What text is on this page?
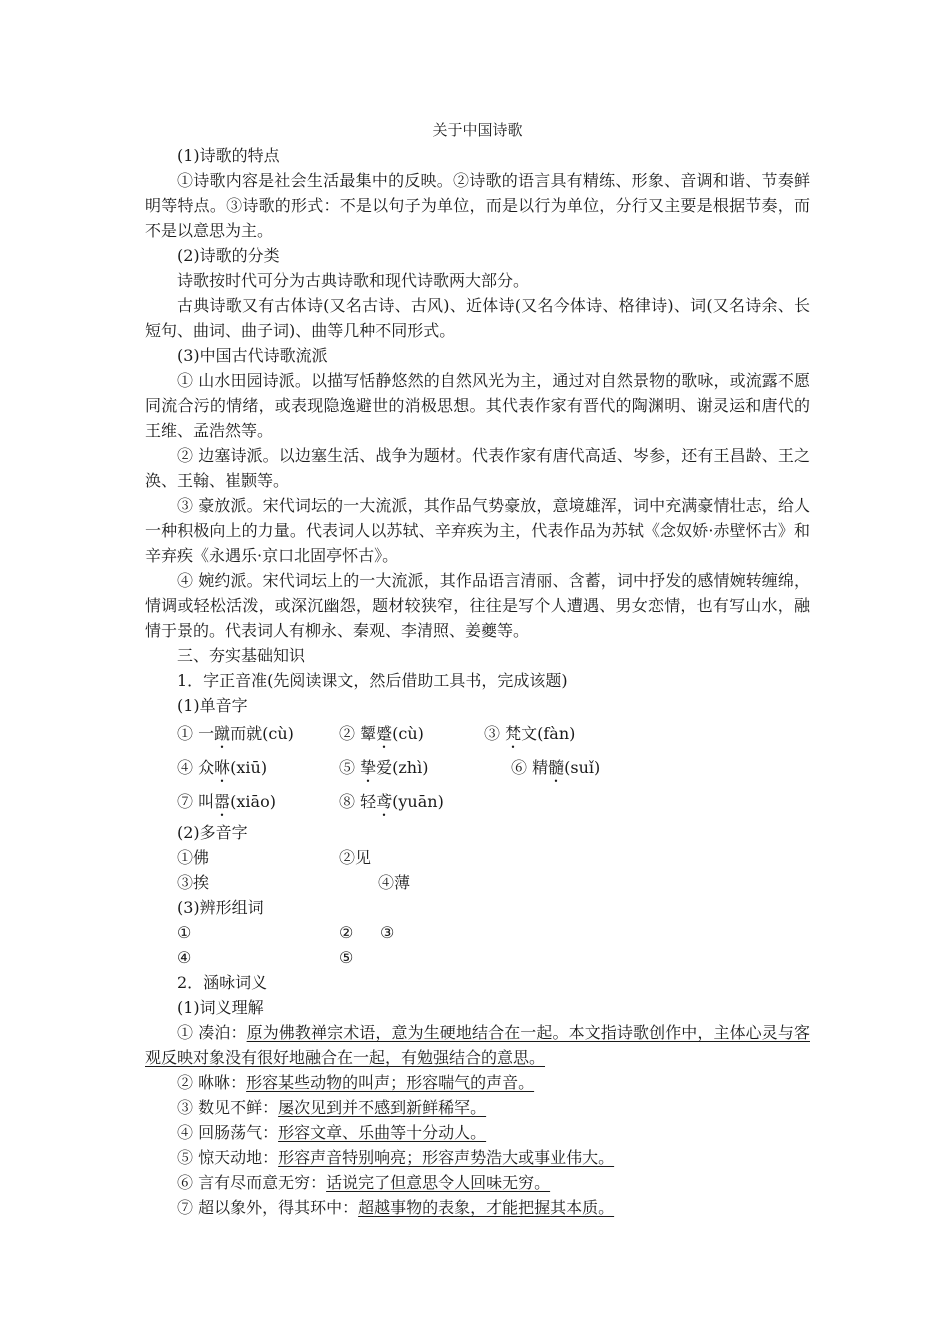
关于中国诗歌

(1)诗歌的特点

①诗歌内容是社会生活最集中的反映。②诗歌的语言具有精练、形象、音调和谐、节奏鲜明等特点。③诗歌的形式：不是以句子为单位，而是以行为单位，分行又主要是根据节奏，而不是以意思为主。

(2)诗歌的分类

诗歌按时代可分为古典诗歌和现代诗歌两大部分。

古典诗歌又有古体诗(又名古诗、古风)、近体诗(又名今体诗、格律诗)、词(又名诗余、长短句、曲词、曲子词)、曲等几种不同形式。

(3)中国古代诗歌流派

① 山水田园诗派。以描写恬静悠然的自然风光为主，通过对自然景物的歌咏，或流露不愿同流合污的情绪，或表现隐逸避世的消极思想。其代表作家有晋代的陶渊明、谢灵运和唐代的王维、孟浩然等。

② 边塞诗派。以边塞生活、战争为题材。代表作家有唐代高适、岑参，还有王昌龄、王之涣、王翰、崔颢等。

③ 豪放派。宋代词坛的一大流派，其作品气势豪放，意境雄浑，词中充满豪情壮志，给人一种积极向上的力量。代表词人以苏轼、辛弃疾为主，代表作品为苏轼《念奴娇·赤壁怀古》和辛弃疾《永遇乐·京口北固亭怀古》。

④ 婉约派。宋代词坛上的一大流派，其作品语言清丽、含蓄，词中抒发的感情婉转缠绵，情调或轻松活泼，或深沉幽怨，题材较狭窄，往往是写个人遭遇、男女恋情，也有写山水，融情于景的。代表词人有柳永、秦观、李清照、姜夔等。

三、夯实基础知识

1．字正音准(先阅读课文，然后借助工具书，完成该题)

(1)单音字

① 一蹴而就(cù)	② 颦蹙(cù)	③ 梵文(fàn)
④ 众咻(xiū)	⑤ 挚爱(zhì)	⑥ 精髓(suǐ)
⑦ 叫嚣(xiāo)	⑧ 轻鸢(yuān)

(2)多音字

①佛	②见
③挨	④薄

(3)辨形组词

①	②	③
④	⑤

2．涵咏词义

(1)词义理解

① 凑泊：原为佛教禅宗术语，意为生硬地结合在一起。本文指诗歌创作中，主体心灵与客观反映对象没有很好地融合在一起，有勉强结合的意思。

② 咻咻：形容某些动物的叫声；形容喘气的声音。

③ 数见不鲜：屡次见到并不感到新鲜稀罕。

④ 回肠荡气：形容文章、乐曲等十分动人。

⑤ 惊天动地：形容声音特别响亮；形容声势浩大或事业伟大。

⑥ 言有尽而意无穷：话说完了但意思令人回味无穷。

⑦ 超以象外，得其环中：超越事物的表象，才能把握其本质。
